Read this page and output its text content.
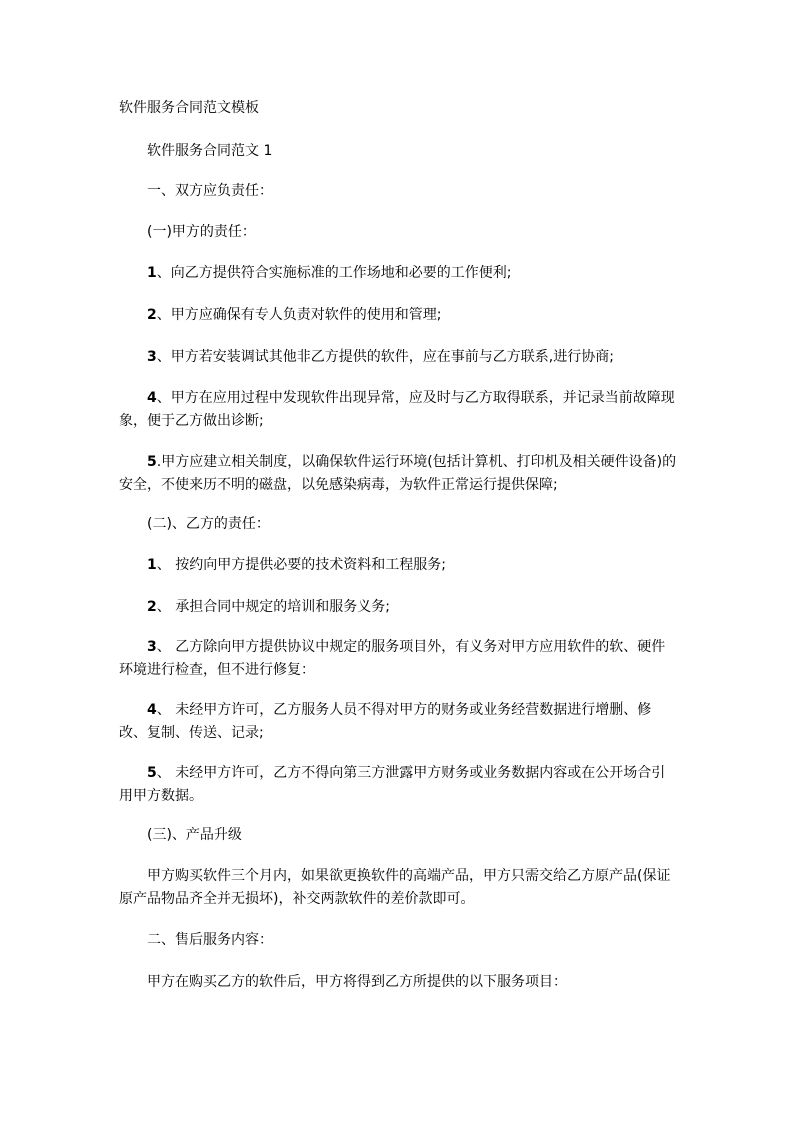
软件服务合同范文模板
软件服务合同范文 1
一、双方应负责任：
(一)甲方的责任：
1、向乙方提供符合实施标准的工作场地和必要的工作便利;
2、甲方应确保有专人负责对软件的使用和管理;
3、甲方若安装调试其他非乙方提供的软件，应在事前与乙方联系,进行协商;
4、甲方在应用过程中发现软件出现异常，应及时与乙方取得联系，并记录当前故障现象，便于乙方做出诊断;
5.甲方应建立相关制度，以确保软件运行环境(包括计算机、打印机及相关硬件设备)的安全，不使来历不明的磁盘，以免感染病毒，为软件正常运行提供保障;
(二)、乙方的责任：
1、 按约向甲方提供必要的技术资料和工程服务;
2、 承担合同中规定的培训和服务义务;
3、 乙方除向甲方提供协议中规定的服务项目外，有义务对甲方应用软件的软、硬件环境进行检查，但不进行修复：
4、 未经甲方许可，乙方服务人员不得对甲方的财务或业务经营数据进行增删、修改、复制、传送、记录;
5、 未经甲方许可，乙方不得向第三方泄露甲方财务或业务数据内容或在公开场合引用甲方数据。
(三)、产品升级
甲方购买软件三个月内，如果欲更换软件的高端产品，甲方只需交给乙方原产品(保证原产品物品齐全并无损坏)，补交两款软件的差价款即可。
二、售后服务内容：
甲方在购买乙方的软件后，甲方将得到乙方所提供的以下服务项目：
